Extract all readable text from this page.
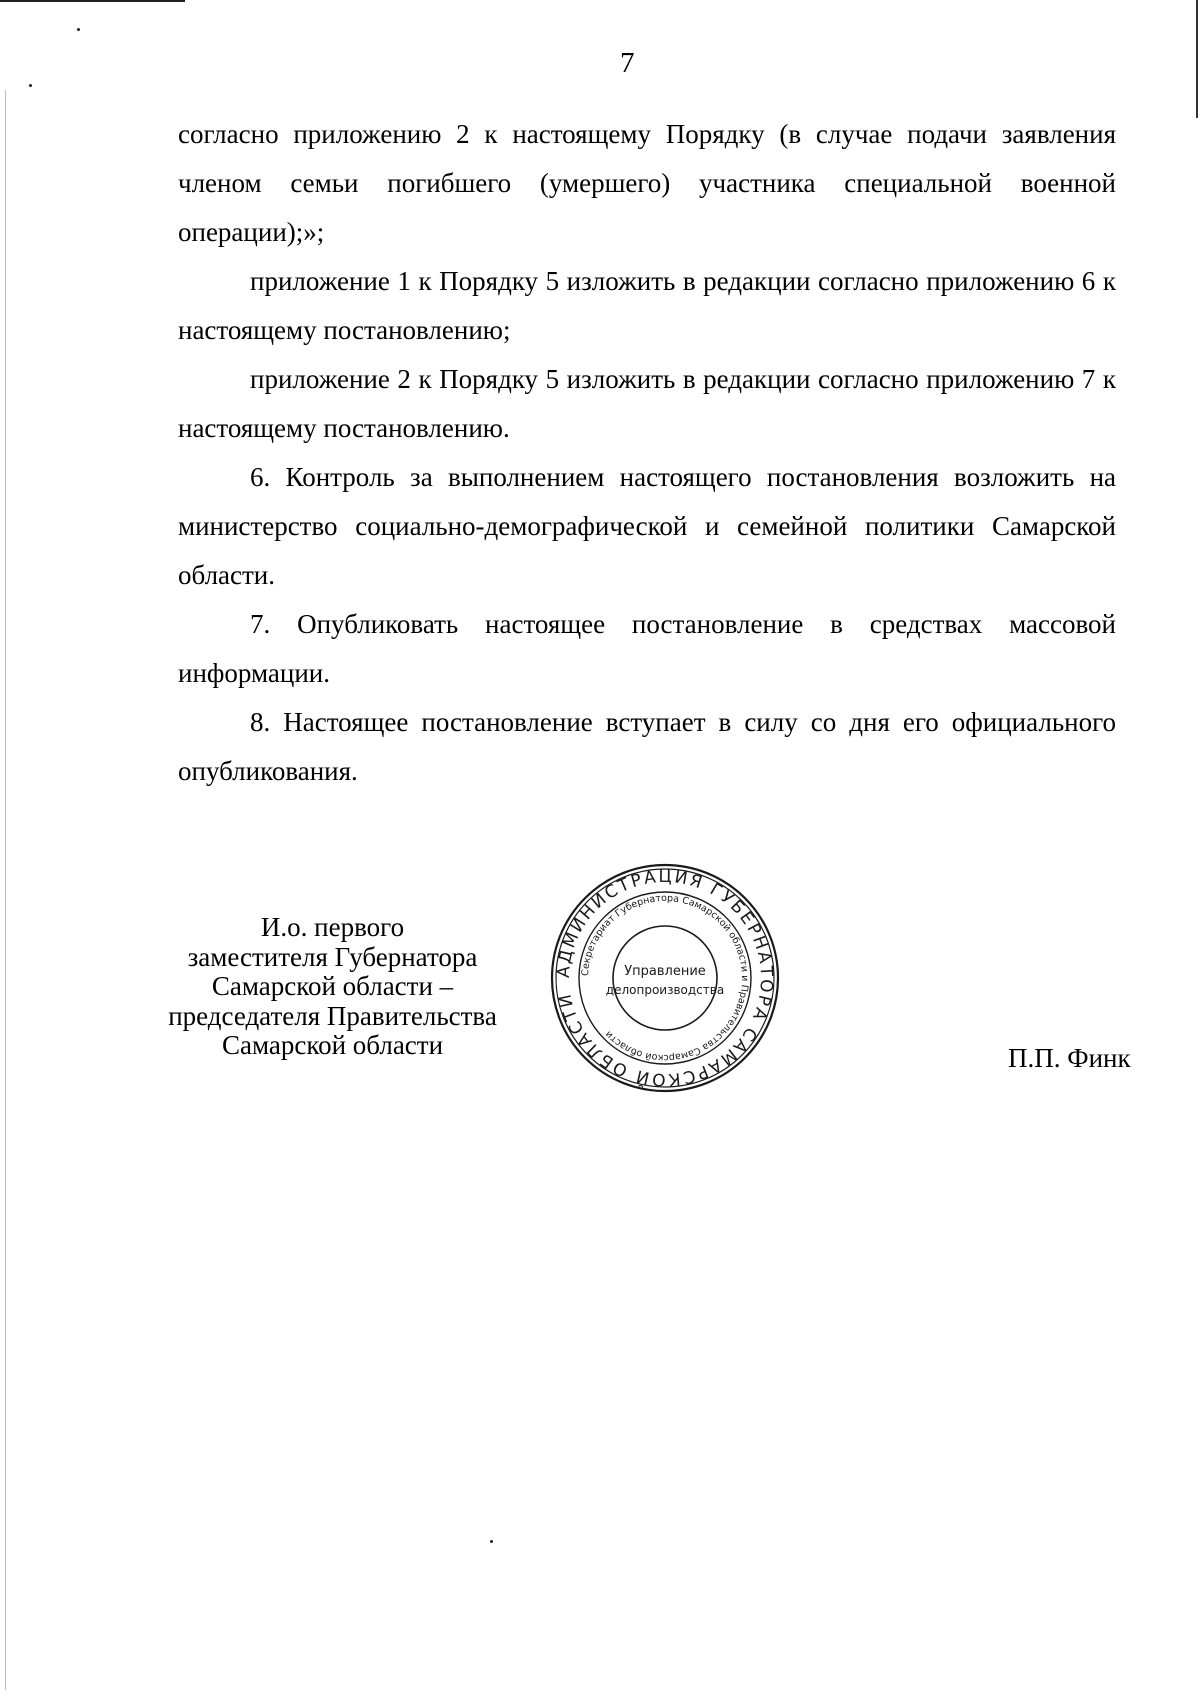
7

согласно приложению 2 к настоящему Порядку (в случае подачи заявления членом семьи погибшего (умершего) участника специальной военной операции);»;

приложение 1 к Порядку 5 изложить в редакции согласно приложению 6 к настоящему постановлению;

приложение 2 к Порядку 5 изложить в редакции согласно приложению 7 к настоящему постановлению.

6. Контроль за выполнением настоящего постановления возложить на министерство социально-демографической и семейной политики Самарской области.

7. Опубликовать настоящее постановление в средствах массовой информации.

8. Настоящее постановление вступает в силу со дня его официального опубликования.

И.о. первого
заместителя Губернатора
Самарской области –
председателя Правительства
Самарской области	П.П. Финк
АДМИНИСТРАЦИЯ ГУБЕРНАТОРА САМАРСКОЙ ОБЛАСТИ
Секретариат Губернатора Самарской области и Правительства Самарской области
Управление
делопроизводства
